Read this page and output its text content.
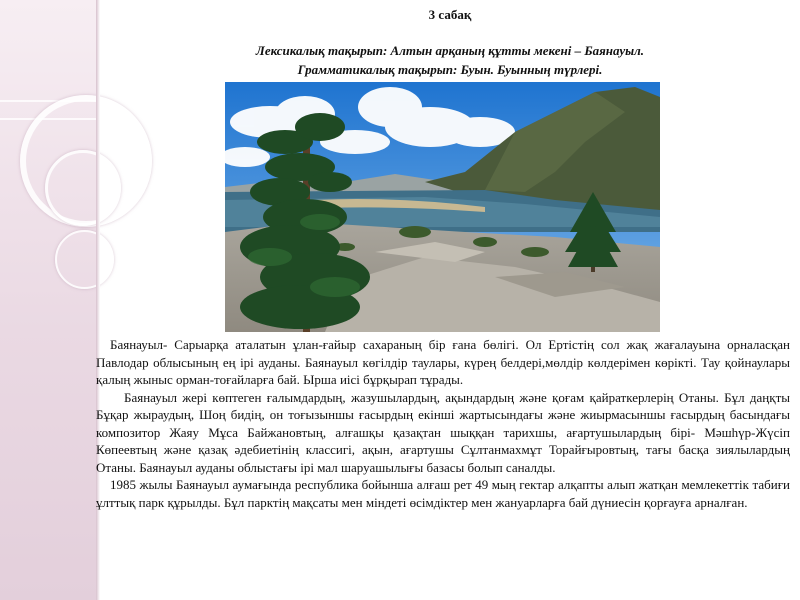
3 сабақ
Лексикалық тақырып: Алтын арқаның құтты мекені – Баянауыл.
Грамматикалық тақырып: Буын. Буынның түрлері.

Баянауыл- Сарыарқа аталатын ұлан-ғайыр сахараның бір ғана бөлігі. Ол Ертістің сол жақ жағалауына орналасқан Павлодар облысының ең ірі ауданы. Баянауыл көгілдір таулары, күрең белдері,мөлдір көлдерімен көрікті. Тау қойнаулары қалың жыныс орман-тоғайларға бай. Ырша иісі бұрқырап тұрады.

Баянауыл жері көптеген ғалымдардың, жазушылардың, ақындардың және қоғам қайраткерлерің Отаны. Бұл даңқты Бұқар жыраудың, Шоң бидің, он тоғызыншы ғасырдың екінші жартысындағы және жиырмасыншы ғасырдың басындағы композитор Жаяу Мұса Байжановтың, алғашқы қазақтан шыққан тарихшы, ағартушылардың бірі- Мәшһүр-Жүсіп Көпеевтың және қазақ әдебиетінің классигі, ақын, ағартушы Сұлтанмахмұт Торайғыровтың, тағы басқа зиялылардың Отаны. Баянауыл ауданы облыстағы ірі мал шаруашылығы базасы болып саналды.

1985 жылы Баянауыл аумағында республика бойынша алғаш рет 49 мың гектар алқапты алып жатқан мемлекеттік табиғи ұлттық парк құрылды. Бұл парктің мақсаты мен міндеті өсімдіктер мен жануарларға бай дүниесін қорғауға арналған.
